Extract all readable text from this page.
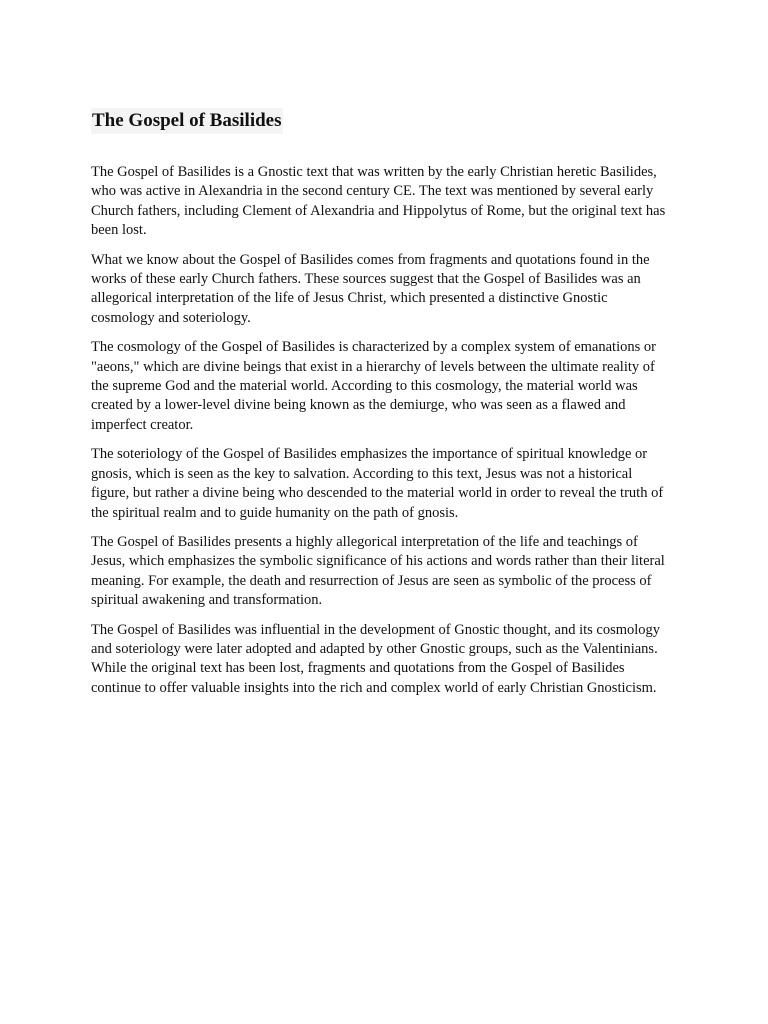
The Gospel of Basilides

The Gospel of Basilides is a Gnostic text that was written by the early Christian heretic Basilides, who was active in Alexandria in the second century CE. The text was mentioned by several early Church fathers, including Clement of Alexandria and Hippolytus of Rome, but the original text has been lost.

What we know about the Gospel of Basilides comes from fragments and quotations found in the works of these early Church fathers. These sources suggest that the Gospel of Basilides was an allegorical interpretation of the life of Jesus Christ, which presented a distinctive Gnostic cosmology and soteriology.

The cosmology of the Gospel of Basilides is characterized by a complex system of emanations or "aeons," which are divine beings that exist in a hierarchy of levels between the ultimate reality of the supreme God and the material world. According to this cosmology, the material world was created by a lower-level divine being known as the demiurge, who was seen as a flawed and imperfect creator.

The soteriology of the Gospel of Basilides emphasizes the importance of spiritual knowledge or gnosis, which is seen as the key to salvation. According to this text, Jesus was not a historical figure, but rather a divine being who descended to the material world in order to reveal the truth of the spiritual realm and to guide humanity on the path of gnosis.

The Gospel of Basilides presents a highly allegorical interpretation of the life and teachings of Jesus, which emphasizes the symbolic significance of his actions and words rather than their literal meaning. For example, the death and resurrection of Jesus are seen as symbolic of the process of spiritual awakening and transformation.

The Gospel of Basilides was influential in the development of Gnostic thought, and its cosmology and soteriology were later adopted and adapted by other Gnostic groups, such as the Valentinians. While the original text has been lost, fragments and quotations from the Gospel of Basilides continue to offer valuable insights into the rich and complex world of early Christian Gnosticism.
